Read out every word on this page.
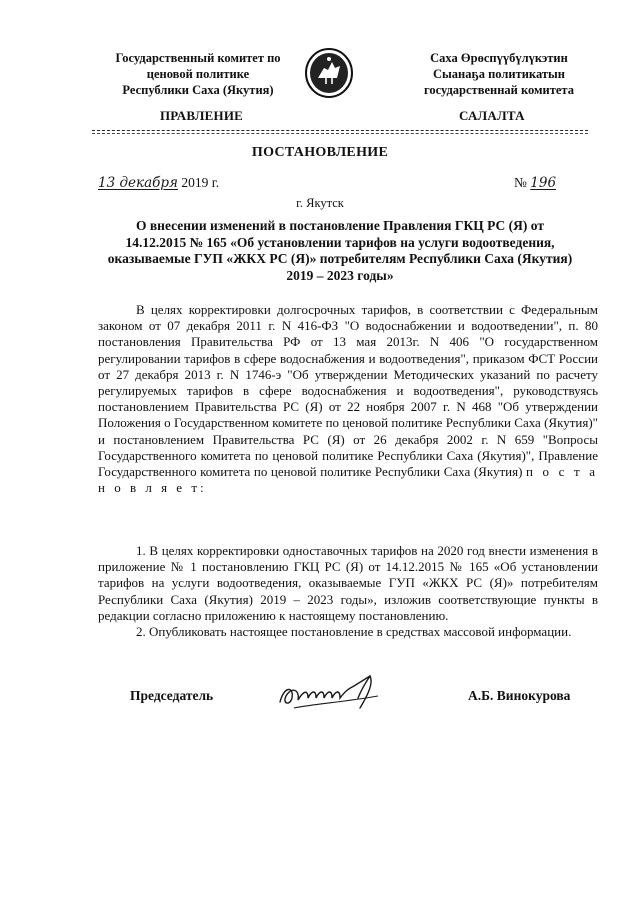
Государственный комитет по
ценовой политике
Республики Саха (Якутия)
Саха Өрөспүүбүлүкэтин
Сыанаҕа политикатын
государственнай комитета
ПРАВЛЕНИЕ	САЛАЛТА
ПОСТАНОВЛЕНИЕ
13 декабря 2019 г.	№ 196
г. Якутск
О внесении изменений в постановление Правления ГКЦ РС (Я) от
14.12.2015 № 165 «Об установлении тарифов на услуги водоотведения,
оказываемые ГУП «ЖКХ РС (Я)» потребителям Республики Саха (Якутия)
2019 – 2023 годы»
В целях корректировки долгосрочных тарифов, в соответствии с Федеральным законом от 07 декабря 2011 г. N 416-ФЗ "О водоснабжении и водоотведении", п. 80 постановления Правительства РФ от 13 мая 2013г. N 406 "О государственном регулировании тарифов в сфере водоснабжения и водоотведения", приказом ФСТ России от 27 декабря 2013 г. N 1746-э "Об утверждении Методических указаний по расчету регулируемых тарифов в сфере водоснабжения и водоотведения", руководствуясь постановлением Правительства РС (Я) от 22 ноября 2007 г. N 468 "Об утверждении Положения о Государственном комитете по ценовой политике Республики Саха (Якутия)" и постановлением Правительства РС (Я) от 26 декабря 2002 г. N 659 "Вопросы Государственного комитета по ценовой политике Республики Саха (Якутия)", Правление Государственного комитета по ценовой политике Республики Саха (Якутия) п о с т а н о в л я е т:

1. В целях корректировки одноставочных тарифов на 2020 год внести изменения в приложение № 1 постановлению ГКЦ РС (Я) от 14.12.2015 № 165 «Об установлении тарифов на услуги водоотведения, оказываемые ГУП «ЖКХ РС (Я)» потребителям Республики Саха (Якутия) 2019 – 2023 годы», изложив соответствующие пункты в редакции согласно приложению к настоящему постановлению.

2. Опубликовать настоящее постановление в средствах массовой информации.

Председатель	А.Б. Винокурова
